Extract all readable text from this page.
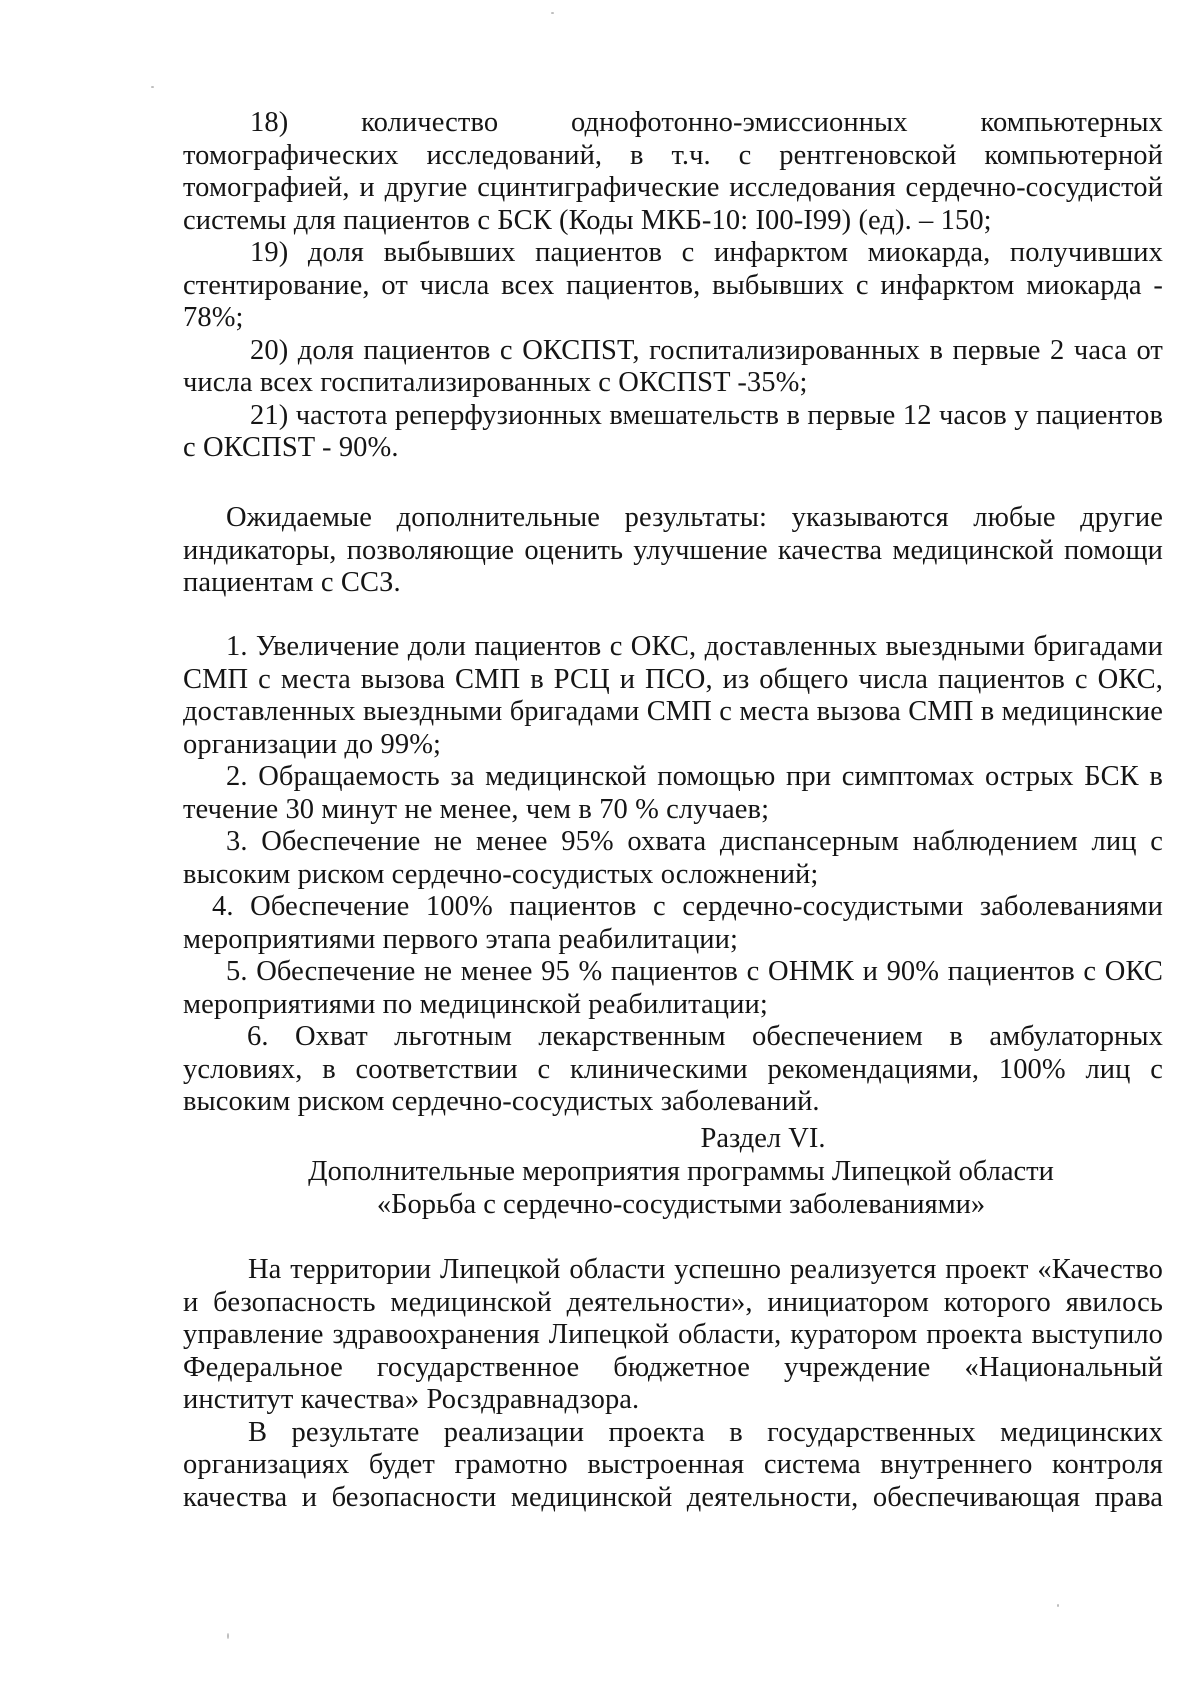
18) количество однофотонно-эмиссионных компьютерных томографических исследований, в т.ч. с рентгеновской компьютерной томографией, и другие сцинтиграфические исследования сердечно-сосудистой системы для пациентов с БСК (Коды МКБ-10: I00-I99) (ед). – 150;

19) доля выбывших пациентов с инфарктом миокарда, получивших стентирование, от числа всех пациентов, выбывших с инфарктом миокарда - 78%;

20) доля пациентов с ОКСПST, госпитализированных в первые 2 часа от числа всех госпитализированных с ОКСПST -35%;

21) частота реперфузионных вмешательств в первые 12 часов у пациентов с ОКСПST - 90%.

Ожидаемые дополнительные результаты: указываются любые другие индикаторы, позволяющие оценить улучшение качества медицинской помощи пациентам с ССЗ.

1. Увеличение доли пациентов с ОКС, доставленных выездными бригадами СМП с места вызова СМП в РСЦ и ПСО, из общего числа пациентов с ОКС, доставленных выездными бригадами СМП с места вызова СМП в медицинские организации до 99%;

2. Обращаемость за медицинской помощью при симптомах острых БСК в течение 30 минут не менее, чем в 70 % случаев;

3. Обеспечение не менее 95% охвата диспансерным наблюдением лиц с высоким риском сердечно-сосудистых осложнений;

4. Обеспечение 100% пациентов с сердечно-сосудистыми заболеваниями мероприятиями первого этапа реабилитации;

5. Обеспечение не менее 95 % пациентов с ОНМК и 90% пациентов с ОКС мероприятиями по медицинской реабилитации;

6. Охват льготным лекарственным обеспечением в амбулаторных условиях, в соответствии с клиническими рекомендациями, 100% лиц с высоким риском сердечно-сосудистых заболеваний.

Раздел VI.
Дополнительные мероприятия программы Липецкой области
«Борьба с сердечно-сосудистыми заболеваниями»

На территории Липецкой области успешно реализуется проект «Качество и безопасность медицинской деятельности», инициатором которого явилось управление здравоохранения Липецкой области, куратором проекта выступило Федеральное государственное бюджетное учреждение «Национальный институт качества» Росздравнадзора.

В результате реализации проекта в государственных медицинских организациях будет грамотно выстроенная система внутреннего контроля качества и безопасности медицинской деятельности, обеспечивающая права
